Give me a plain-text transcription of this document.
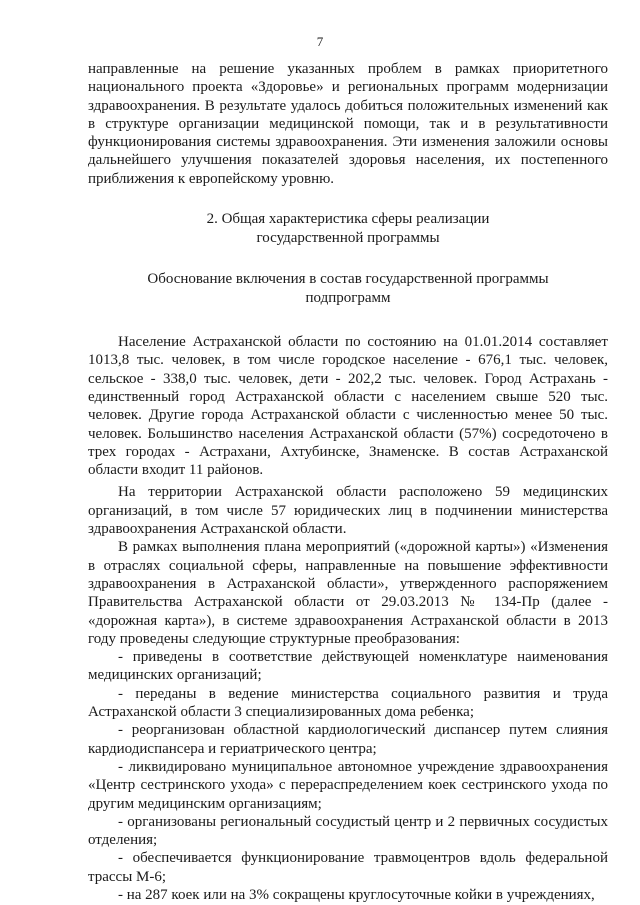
7

направленные на решение указанных проблем в рамках приоритетного национального проекта «Здоровье» и региональных программ модернизации здравоохранения. В результате удалось добиться положительных изменений как в структуре организации медицинской помощи, так и в результативности функционирования системы здравоохранения. Эти изменения заложили основы дальнейшего улучшения показателей здоровья населения, их постепенного приближения к европейскому уровню.

2. Общая характеристика сферы реализации
государственной программы

Обоснование включения в состав государственной программы
подпрограмм

Население Астраханской области по состоянию на 01.01.2014 составляет 1013,8 тыс. человек, в том числе городское население - 676,1 тыс. человек, сельское - 338,0 тыс. человек, дети - 202,2 тыс. человек. Город Астрахань - единственный город Астраханской области с населением свыше 520 тыс. человек. Другие города Астраханской области с численностью менее 50 тыс. человек. Большинство населения Астраханской области (57%) сосредоточено в трех городах - Астрахани, Ахтубинске, Знаменске. В состав Астраханской области входит 11 районов.

На территории Астраханской области расположено 59 медицинских организаций, в том числе 57 юридических лиц в подчинении министерства здравоохранения Астраханской области.

В рамках выполнения плана мероприятий («дорожной карты») «Изменения в отраслях социальной сферы, направленные на повышение эффективности здравоохранения в Астраханской области», утвержденного распоряжением Правительства Астраханской области от 29.03.2013 № 134-Пр (далее - «дорожная карта»), в системе здравоохранения Астраханской области в 2013 году проведены следующие структурные преобразования:

- приведены в соответствие действующей номенклатуре наименования медицинских организаций;

- переданы в ведение министерства социального развития и труда Астраханской области 3 специализированных дома ребенка;

- реорганизован областной кардиологический диспансер путем слияния кардиодиспансера и гериатрического центра;

- ликвидировано муниципальное автономное учреждение здравоохранения «Центр сестринского ухода» с перераспределением коек сестринского ухода по другим медицинским организациям;

- организованы региональный сосудистый центр и 2 первичных сосудистых отделения;

- обеспечивается функционирование травмоцентров вдоль федеральной трассы М-6;

- на 287 коек или на 3% сокращены круглосуточные койки в учреждениях,
